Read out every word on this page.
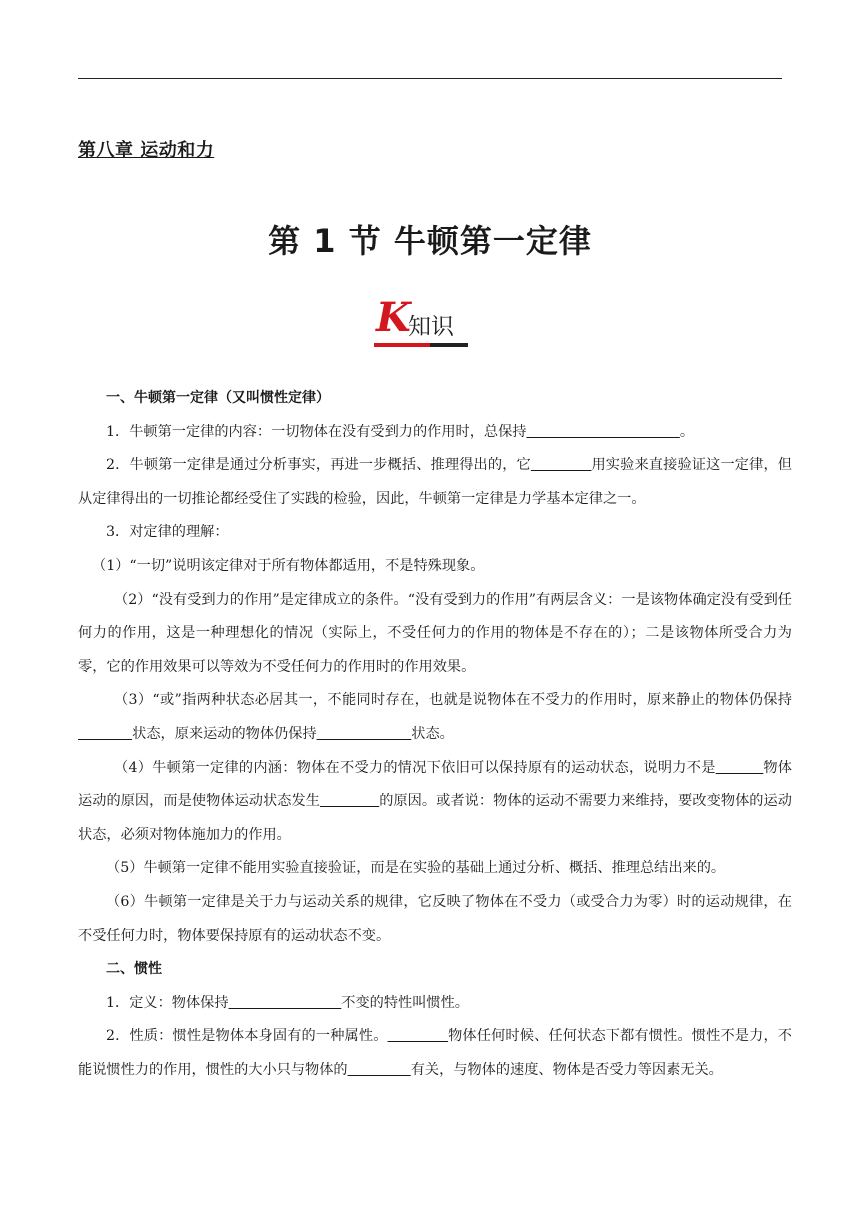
第八章 运动和力
第 1 节 牛顿第一定律
K
知识

一、牛顿第一定律（又叫惯性定律）

1．牛顿第一定律的内容：一切物体在没有受到力的作用时，总保持	。

2．牛顿第一定律是通过分析事实，再进一步概括、推理得出的，它	用实验来直接验证这一定律，但从定律得出的一切推论都经受住了实践的检验，因此，牛顿第一定律是力学基本定律之一。

3．对定律的理解：

（1）“一切”说明该定律对于所有物体都适用，不是特殊现象。

（2）“没有受到力的作用”是定律成立的条件。“没有受到力的作用”有两层含义：一是该物体确定没有受到任何力的作用，这是一种理想化的情况（实际上，不受任何力的作用的物体是不存在的）；二是该物体所受合力为零，它的作用效果可以等效为不受任何力的作用时的作用效果。

（3）“或”指两种状态必居其一，不能同时存在，也就是说物体在不受力的作用时，原来静止的物体仍保持            状态，原来运动的物体仍保持	状态。

（4）牛顿第一定律的内涵：物体在不受力的情况下依旧可以保持原有的运动状态，说明力不是	物体运动的原因，而是使物体运动状态发生	的原因。或者说：物体的运动不需要力来维持，要改变物体的运动状态，必须对物体施加力的作用。

（5）牛顿第一定律不能用实验直接验证，而是在实验的基础上通过分析、概括、推理总结出来的。

（6）牛顿第一定律是关于力与运动关系的规律，它反映了物体在不受力（或受合力为零）时的运动规律，在不受任何力时，物体要保持原有的运动状态不变。

二、惯性

1．定义：物体保持	不变的特性叫惯性。

2．性质：惯性是物体本身固有的一种属性。	物体任何时候、任何状态下都有惯性。惯性不是力，不能说惯性力的作用，惯性的大小只与物体的	有关，与物体的速度、物体是否受力等因素无关。
